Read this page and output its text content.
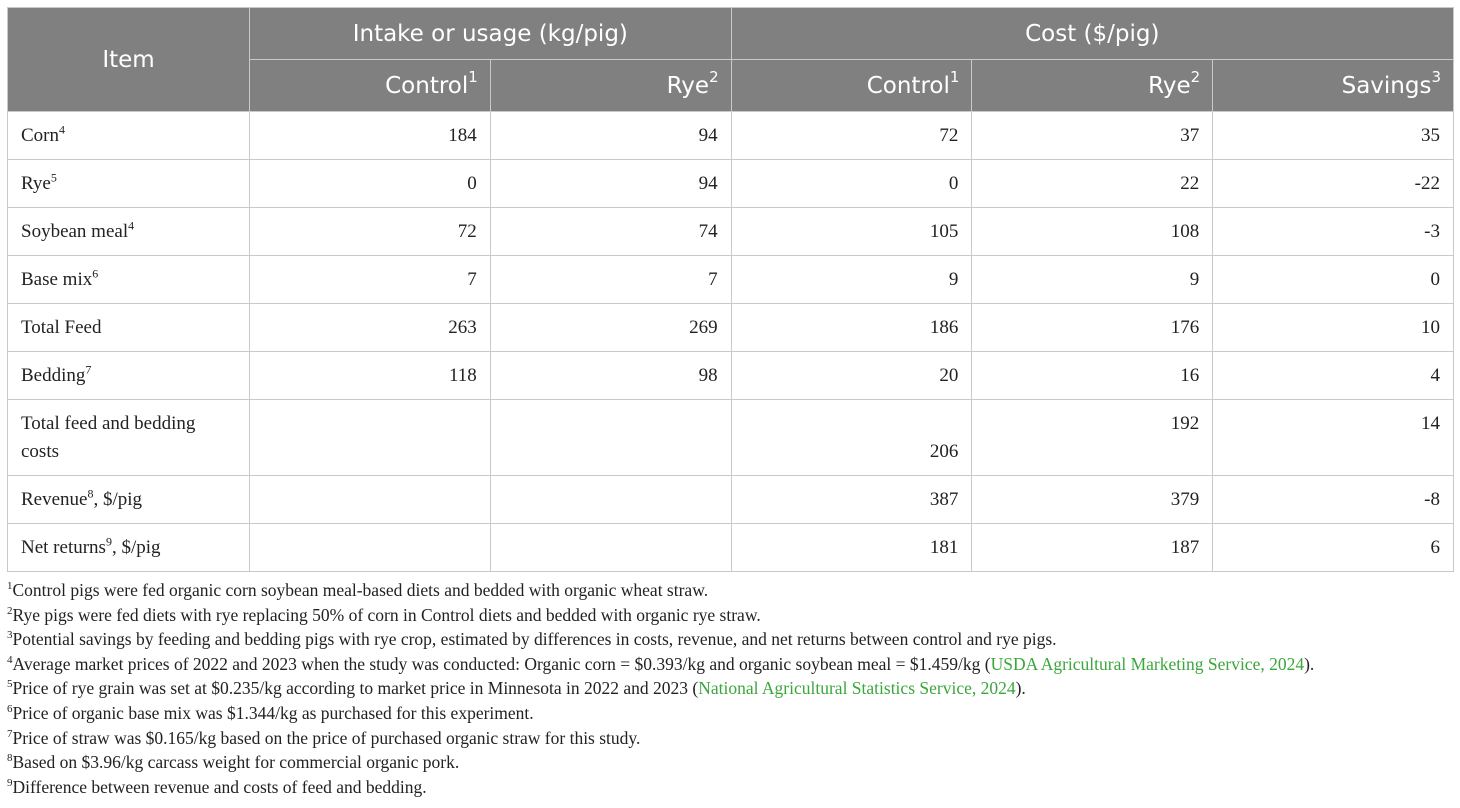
Item	Intake or usage (kg/pig)		Cost ($/pig)		
	Control$^1$	Rye$^2$	Control$^1$	Rye$^2$	Savings$^3$
Corn$^4$	184	94	72	37	35
Rye$^5$	0	94	0	22	-22
Soybean meal$^4$	72	74	105	108	-3
Base mix$^6$	7	7	9	9	0
Total Feed	263	269	186	176	10
Bedding$^7$	118	98	20	16	4
Total feed and bedding costs			206	192	14

Revenue$^8$, $/pig			387	379	-8
Net returns$^9$, $/pig			181	187	6

$^1$Control pigs were fed organic corn soybean meal-based diets and bedded with organic wheat straw.

$^2$Rye pigs were fed diets with rye replacing 50% of corn in Control diets and bedded with organic rye straw.

$^3$Potential savings by feeding and bedding pigs with rye crop, estimated by differences in costs, revenue, and net returns between control and rye pigs.

$^4$Average market prices of 2022 and 2023 when the study was conducted: Organic corn = $0.393/kg and organic soybean meal = $1.459/kg (USDA Agricultural Marketing Service, 2024).

$^5$Price of rye grain was set at $0.235/kg according to market price in Minnesota in 2022 and 2023 (National Agricultural Statistics Service, 2024).

$^6$Price of organic base mix was $1.344/kg as purchased for this experiment.

$^7$Price of straw was $0.165/kg based on the price of purchased organic straw for this study.

$^8$Based on $3.96/kg carcass weight for commercial organic pork.

$^9$Difference between revenue and costs of feed and bedding.
